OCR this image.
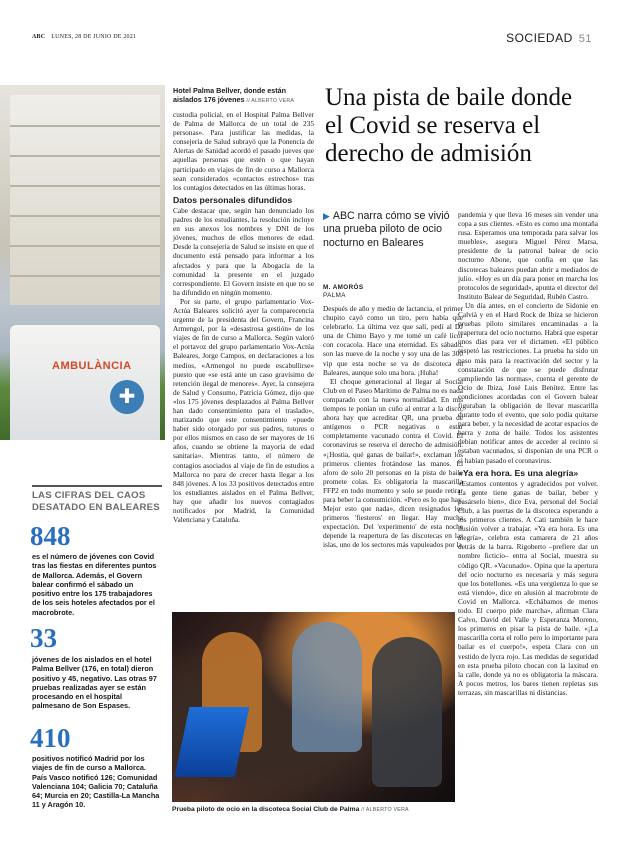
ABC LUNES, 28 DE JUNIO DE 2021	SOCIEDAD 51
AMBULÀNCIA
✚
Hotel Palma Bellver, donde están aislados 176 jóvenes // ALBERTO VERA

custodia policial, en el Hospital Palma Bellver de Palma de Mallorca de un total de 235 personas». Para justificar las medidas, la consejería de Salud subrayó que la Ponencia de Alertas de Sanidad acordó el pasado jueves que aquellas personas que estén o que hayan participado en viajes de fin de curso a Mallorca sean considerados «contactos estrechos» tras los contagios detectados en las últimas horas.

Datos personales difundidos

Cabe destacar que, según han denunciado los padres de los estudiantes, la resolución incluye en sus anexos los nombres y DNI de los jóvenes, muchos de ellos menores de edad. Desde la consejería de Salud se insiste en que el documento está pensado para informar a los afectados y para que la Abogacía de la comunidad la presente en el juzgado correspondiente. El Govern insiste en que no se ha difundido en ningún momento.

Por su parte, el grupo parlamentario Vox-Actúa Baleares solicitó ayer la comparecencia urgente de la presidenta del Govern, Francina Armengol, por la «desastrosa gestión» de los viajes de fin de curso a Mallorca. Según valoró el portavoz del grupo parlamentario Vox-Actúa Baleares, Jorge Campos, en declaraciones a los medios, «Armengol no puede escabullirse» puesto que «se está ante un caso gravísimo de retención ilegal de menores». Ayer, la consejera de Salud y Consumo, Patricia Gómez, dijo que «los 175 jóvenes desplazados al Palma Bellver han dado consentimiento para el traslado», matizando que este consentimiento «puede haber sido otorgado por sus padres, tutores o por ellos mismos en caso de ser mayores de 16 años, cuando se obtiene la mayoría de edad sanitaria». Mientras tanto, el número de contagios asociados al viaje de fin de estudios a Mallorca no para de crecer hasta llegar a los 848 jóvenes. A los 33 positivos detectados entre los estudiantes aislados en el Palma Bellver, hay que añadir los nuevos contagiados notificados por Madrid, la Comunidad Valenciana y Cataluña.

Una pista de baile donde el Covid se reserva el derecho de admisión
▶ ABC narra cómo se vivió una prueba piloto de ocio nocturno en Baleares
M. AMORÓS
PALMA

Después de año y medio de lactancia, el primer chupito cayó como un tiro, pero había que celebrarlo. La última vez que salí, pedí al DJ una de Chimo Bayo y me tomé un café licor con cocacola. Hace una eternidad. Es sábado, son las nueve de la noche y soy una de las 300 vip que esta noche se va de discoteca en Baleares, aunque solo una hora. ¡Huha!

El choque generacional al llegar al Social Club en el Paseo Marítimo de Palma no es nada comparado con la nueva normalidad. En mis tiempos te ponían un cuño al entrar a la disco, ahora hay que acreditar QR, una prueba de antígenos o PCR negativas o estar completamente vacunado contra el Covid. El coronavirus se reserva el derecho de admisión. «¡Hostia, qué ganas de bailar!», exclaman los primeros clientes frotándose las manos. El aforo de solo 20 personas en la pista de baile promete colas. Es obligatoria la mascarilla FFP2 en todo momento y solo se puede retirar para beber la consumición. «Pero es lo que hay. Mejor esto que nada», dicen resignados los primeros 'fiesteros' en llegar. Hay mucha expectación. Del 'experimento' de esta noche depende la reapertura de las discotecas en las islas, uno de los sectores más vapuleados por la

pandemia y que lleva 16 meses sin vender una copa a sus clientes. «Esto es como una montaña rusa. Esperamos una temporada para salvar los muebles», asegura Miguel Pérez Marsa, presidente de la patronal balear de ocio nocturno Abone, que confía en que las discotecas baleares puedan abrir a mediados de julio. «Hoy es un día para poner en marcha los protocolos de seguridad», apunta el director del Instituto Balear de Seguridad, Rubén Castro.

Un día antes, en el concierto de Sidonie en Calvià y en el Hard Rock de Ibiza se hicieron pruebas piloto similares encaminadas a la reapertura del ocio nocturno. Habrá que esperar unos días para ver el dictamen. «El público respetó las restricciones. La prueba ha sido un paso más para la reactivación del sector y la constatación de que se puede disfrutar cumpliendo las normas», cuenta el gerente de Ocio de Ibiza, José Luis Benítez. Entre las condiciones acordadas con el Govern balear figuraban la obligación de llevar mascarilla durante todo el evento, que solo podía quitarse para beber, y la necesidad de acotar espacios de barra y zona de baile. Todos los asistentes debían notificar antes de acceder al recinto si estaban vacunados, si disponían de una PCR o si habían pasado el coronavirus.

«Ya era hora. Es una alegría»

«Estamos contentos y agradecidos por volver. La gente tiene ganas de bailar, beber y pasárselo bien», dice Eva, personal del Social Club, a las puertas de la discoteca esperando a los primeros clientes. A Cati también le hace ilusión volver a trabajar. «Ya era hora. Es una alegría», celebra esta camarera de 21 años detrás de la barra. Rigoberto –prefiere dar un nombre ficticio– entra al Social, muestra su código QR. «Vacunado». Opina que la apertura del ocio nocturno es necesaria y más segura que los botellones. «Es una vergüenza lo que se está viendo», dice en alusión al macrobrote de Covid en Mallorca. «Echábamos de menos todo. El cuerpo pide marcha», afirman Clara Calvo, David del Valle y Esperanza Moreno, los primeros en pisar la pista de baile. «¡La mascarilla corta el rollo pero lo importante para bailar es el cuerpo!», espeta Clara con un vestido de lycra rojo. Las medidas de seguridad en esta prueba piloto chocan con la laxitud en la calle, donde ya no es obligatoria la máscara. A pocos metros, los bares tienen repletas sus terrazas, sin mascarillas ni distancias.

LAS CIFRAS DEL CAOS DESATADO EN BALEARES
848
es el número de jóvenes con Covid tras las fiestas en diferentes puntos de Mallorca. Además, el Govern balear confirmó el sábado un positivo entre los 175 trabajadores de los seis hoteles afectados por el macrobrote.
33
jóvenes de los aislados en el hotel Palma Bellver (176, en total) dieron positivo y 45, negativo. Las otras 97 pruebas realizadas ayer se están procesando en el hospital palmesano de Son Espases.
410
positivos notificó Madrid por los viajes de fin de curso a Mallorca. País Vasco notificó 126; Comunidad Valenciana 104; Galicia 70; Cataluña 64; Murcia en 20; Castilla-La Mancha 11 y Aragón 10.
Prueba piloto de ocio en la discoteca Social Club de Palma // ALBERTO VERA
